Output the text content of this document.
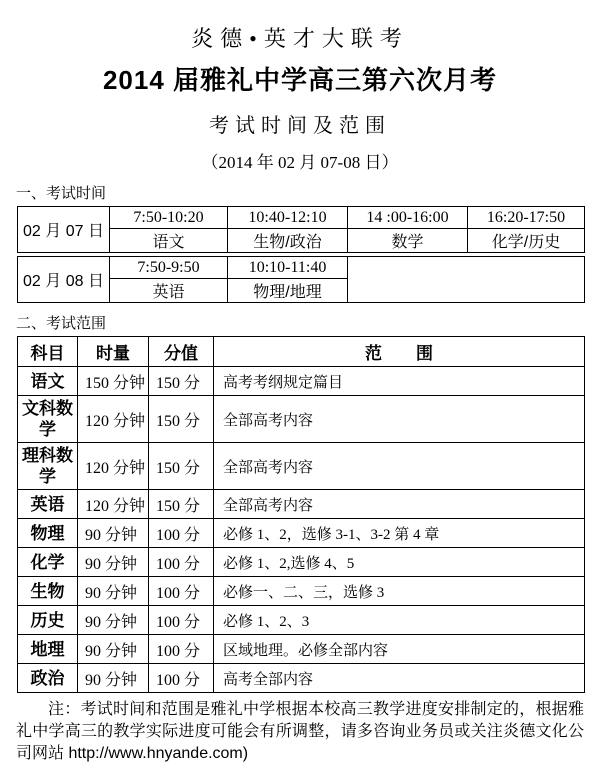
炎德•英才大联考
2014 届雅礼中学高三第六次月考
考试时间及范围
（2014 年 02 月 07-08 日）
一、考试时间
02 月 07 日	7:50-10:20	10:40-12:10	14 :00-16:00	16:20-17:50
	语文	生物/政治	数学	化学/历史
02 月 08 日	7:50-9:50	10:10-11:40	
	英语	物理/地理	
二、考试范围
科目	时量	分值	范　　围
语文	150 分钟	150 分	高考考纲规定篇目
文科数学	120 分钟	150 分	全部高考内容
理科数学	120 分钟	150 分	全部高考内容
英语	120 分钟	150 分	全部高考内容
物理	90 分钟	100 分	必修 1、2，选修 3-1、3-2 第 4 章
化学	90 分钟	100 分	必修 1、2,选修 4、5
生物	90 分钟	100 分	必修一、二、三，选修 3
历史	90 分钟	100 分	必修 1、2、3
地理	90 分钟	100 分	区域地理。必修全部内容
政治	90 分钟	100 分	高考全部内容

注：考试时间和范围是雅礼中学根据本校高三教学进度安排制定的，根据雅礼中学高三的教学实际进度可能会有所调整，请多咨询业务员或关注炎德文化公司网站 http://www.hnyande.com)
